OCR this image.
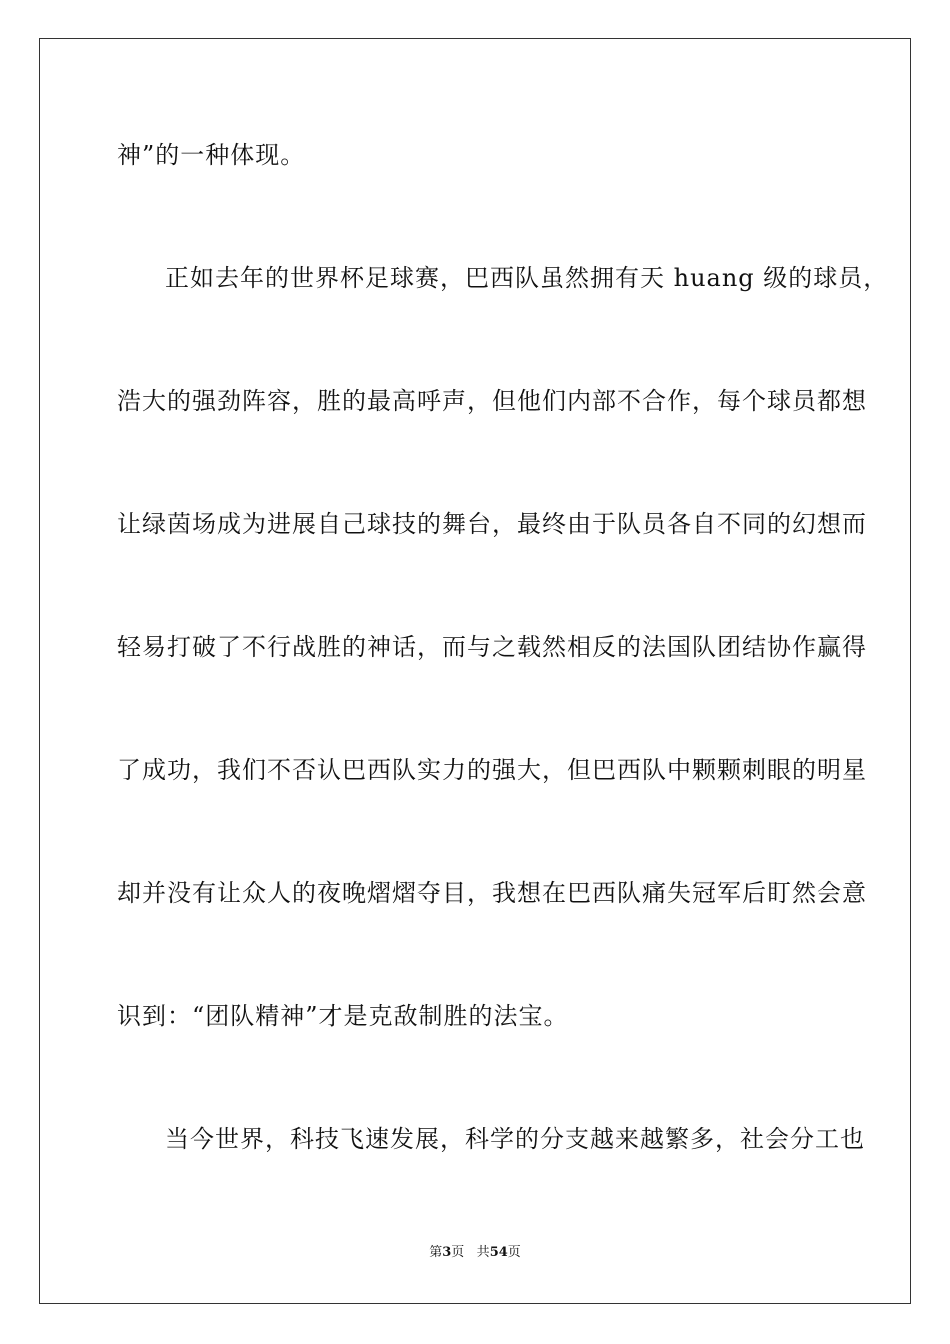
神”的一种体现。
正如去年的世界杯足球赛，巴西队虽然拥有天 huang 级的球员，
浩大的强劲阵容，胜的最高呼声，但他们内部不合作，每个球员都想
让绿茵场成为进展自己球技的舞台，最终由于队员各自不同的幻想而
轻易打破了不行战胜的神话，而与之载然相反的法国队团结协作赢得
了成功，我们不否认巴西队实力的强大，但巴西队中颗颗刺眼的明星
却并没有让众人的夜晚熠熠夺目，我想在巴西队痛失冠军后盯然会意
识到：“团队精神”才是克敌制胜的法宝。
当今世界，科技飞速发展，科学的分支越来越繁多，社会分工也
第3页 共54页
